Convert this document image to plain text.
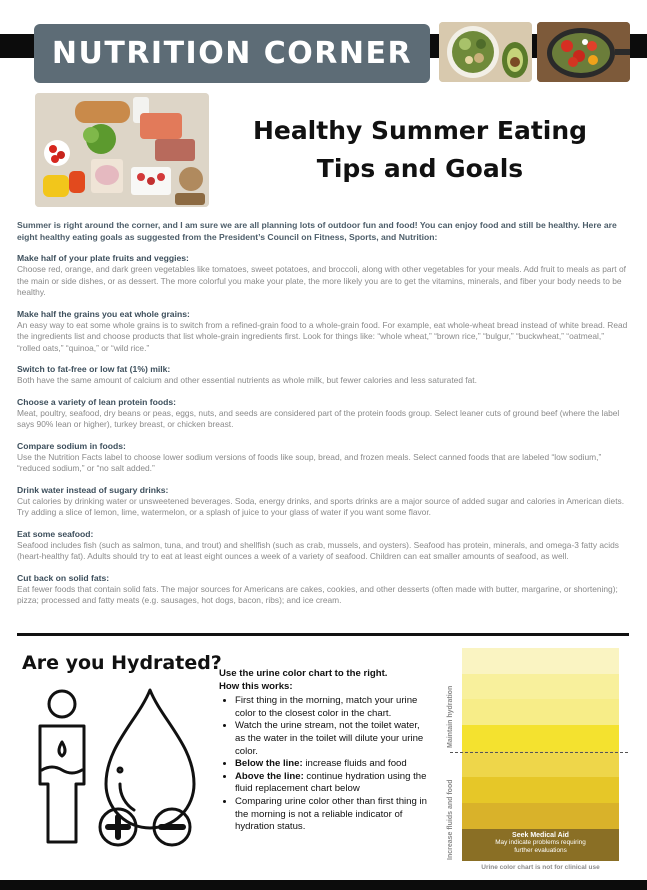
NUTRITION CORNER
Healthy Summer Eating
Tips and Goals

Summer is right around the corner, and I am sure we are all planning lots of outdoor fun and food! You can enjoy food and still be healthy. Here are eight healthy eating goals as suggested from the President’s Council on Fitness, Sports, and Nutrition:

Make half of your plate fruits and veggies:

Choose red, orange, and dark green vegetables like tomatoes, sweet potatoes, and broccoli, along with other vegetables for your meals. Add fruit to meals as part of the main or side dishes, or as dessert. The more colorful you make your plate, the more likely you are to get the vitamins, minerals, and fiber your body needs to be healthy.

Make half the grains you eat whole grains:

An easy way to eat some whole grains is to switch from a refined-grain food to a whole-grain food. For example, eat whole-wheat bread instead of white bread. Read the ingredients list and choose products that list whole-grain ingredients first. Look for things like: “whole wheat,” “brown rice,” “bulgur,” “buckwheat,” “oatmeal,” “rolled oats,” “quinoa,” or “wild rice.”

Switch to fat-free or low fat (1%) milk:

Both have the same amount of calcium and other essential nutrients as whole milk, but fewer calories and less saturated fat.

Choose a variety of lean protein foods:

Meat, poultry, seafood, dry beans or peas, eggs, nuts, and seeds are considered part of the protein foods group. Select leaner cuts of ground beef (where the label says 90% lean or higher), turkey breast, or chicken breast.

Compare sodium in foods:

Use the Nutrition Facts label to choose lower sodium versions of foods like soup, bread, and frozen meals. Select canned foods that are labeled “low sodium,” “reduced sodium,” or “no salt added.”

Drink water instead of sugary drinks:

Cut calories by drinking water or unsweetened beverages. Soda, energy drinks, and sports drinks are a major source of added sugar and calories in American diets. Try adding a slice of lemon, lime, watermelon, or a splash of juice to your glass of water if you want some flavor.

Eat some seafood:

Seafood includes fish (such as salmon, tuna, and trout) and shellfish (such as crab, mussels, and oysters). Seafood has protein, minerals, and omega-3 fatty acids (heart-healthy fat). Adults should try to eat at least eight ounces a week of a variety of seafood. Children can eat smaller amounts of seafood, as well.

Cut back on solid fats:

Eat fewer foods that contain solid fats. The major sources for Americans are cakes, cookies, and other desserts (often made with butter, margarine, or shortening); pizza; processed and fatty meats (e.g. sausages, hot dogs, bacon, ribs); and ice cream.

Are you Hydrated?
Use the urine color chart to the right.
How this works:
• First thing in the morning, match your urine color to the closest color in the chart.
• Watch the urine stream, not the toilet water, as the water in the toilet will dilute your urine color.
• Below the line: increase fluids and food
• Above the line: continue hydration using the fluid replacement chart below
• Comparing urine color other than first thing in the morning is not a reliable indicator of hydration status.
Maintain hydration
Increase fluids and food	Seek Medical Aid
May indicate problems requiring
further evaluations
Urine color chart is not for clinical use
